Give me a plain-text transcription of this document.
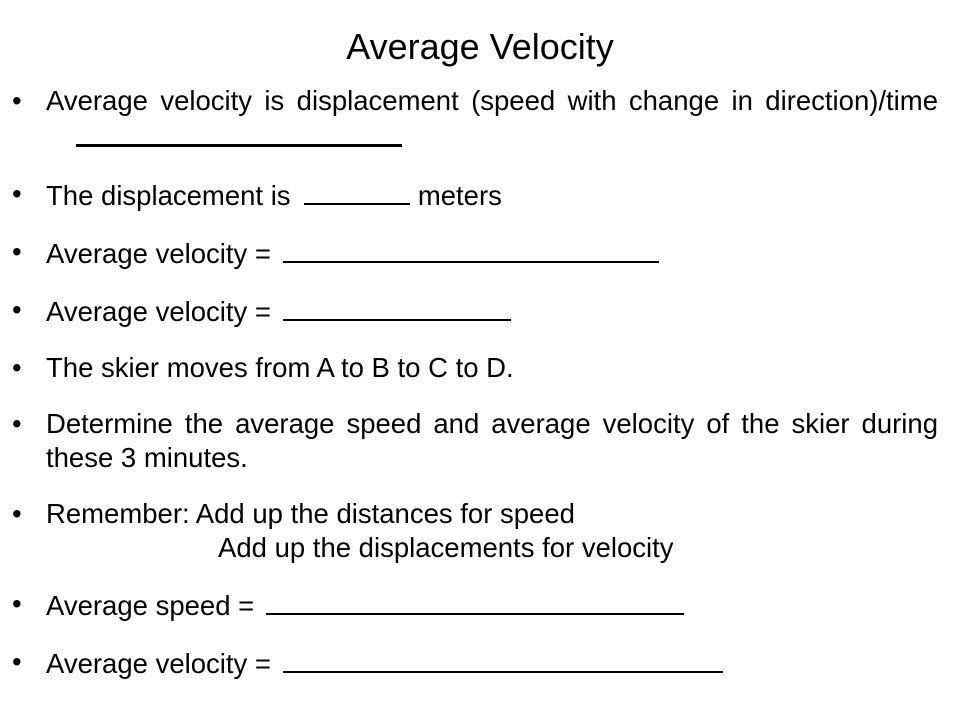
Average Velocity
• Average velocity is displacement (speed with change in direction)/time
• The displacement is	meters
• Average velocity =
• Average velocity =
• The skier moves from A to B to C to D.
• Determine the average speed and average velocity of the skier during these 3 minutes.
• Remember: Add up the distances for speed
Add up the displacements for velocity
• Average speed =
• Average velocity =
